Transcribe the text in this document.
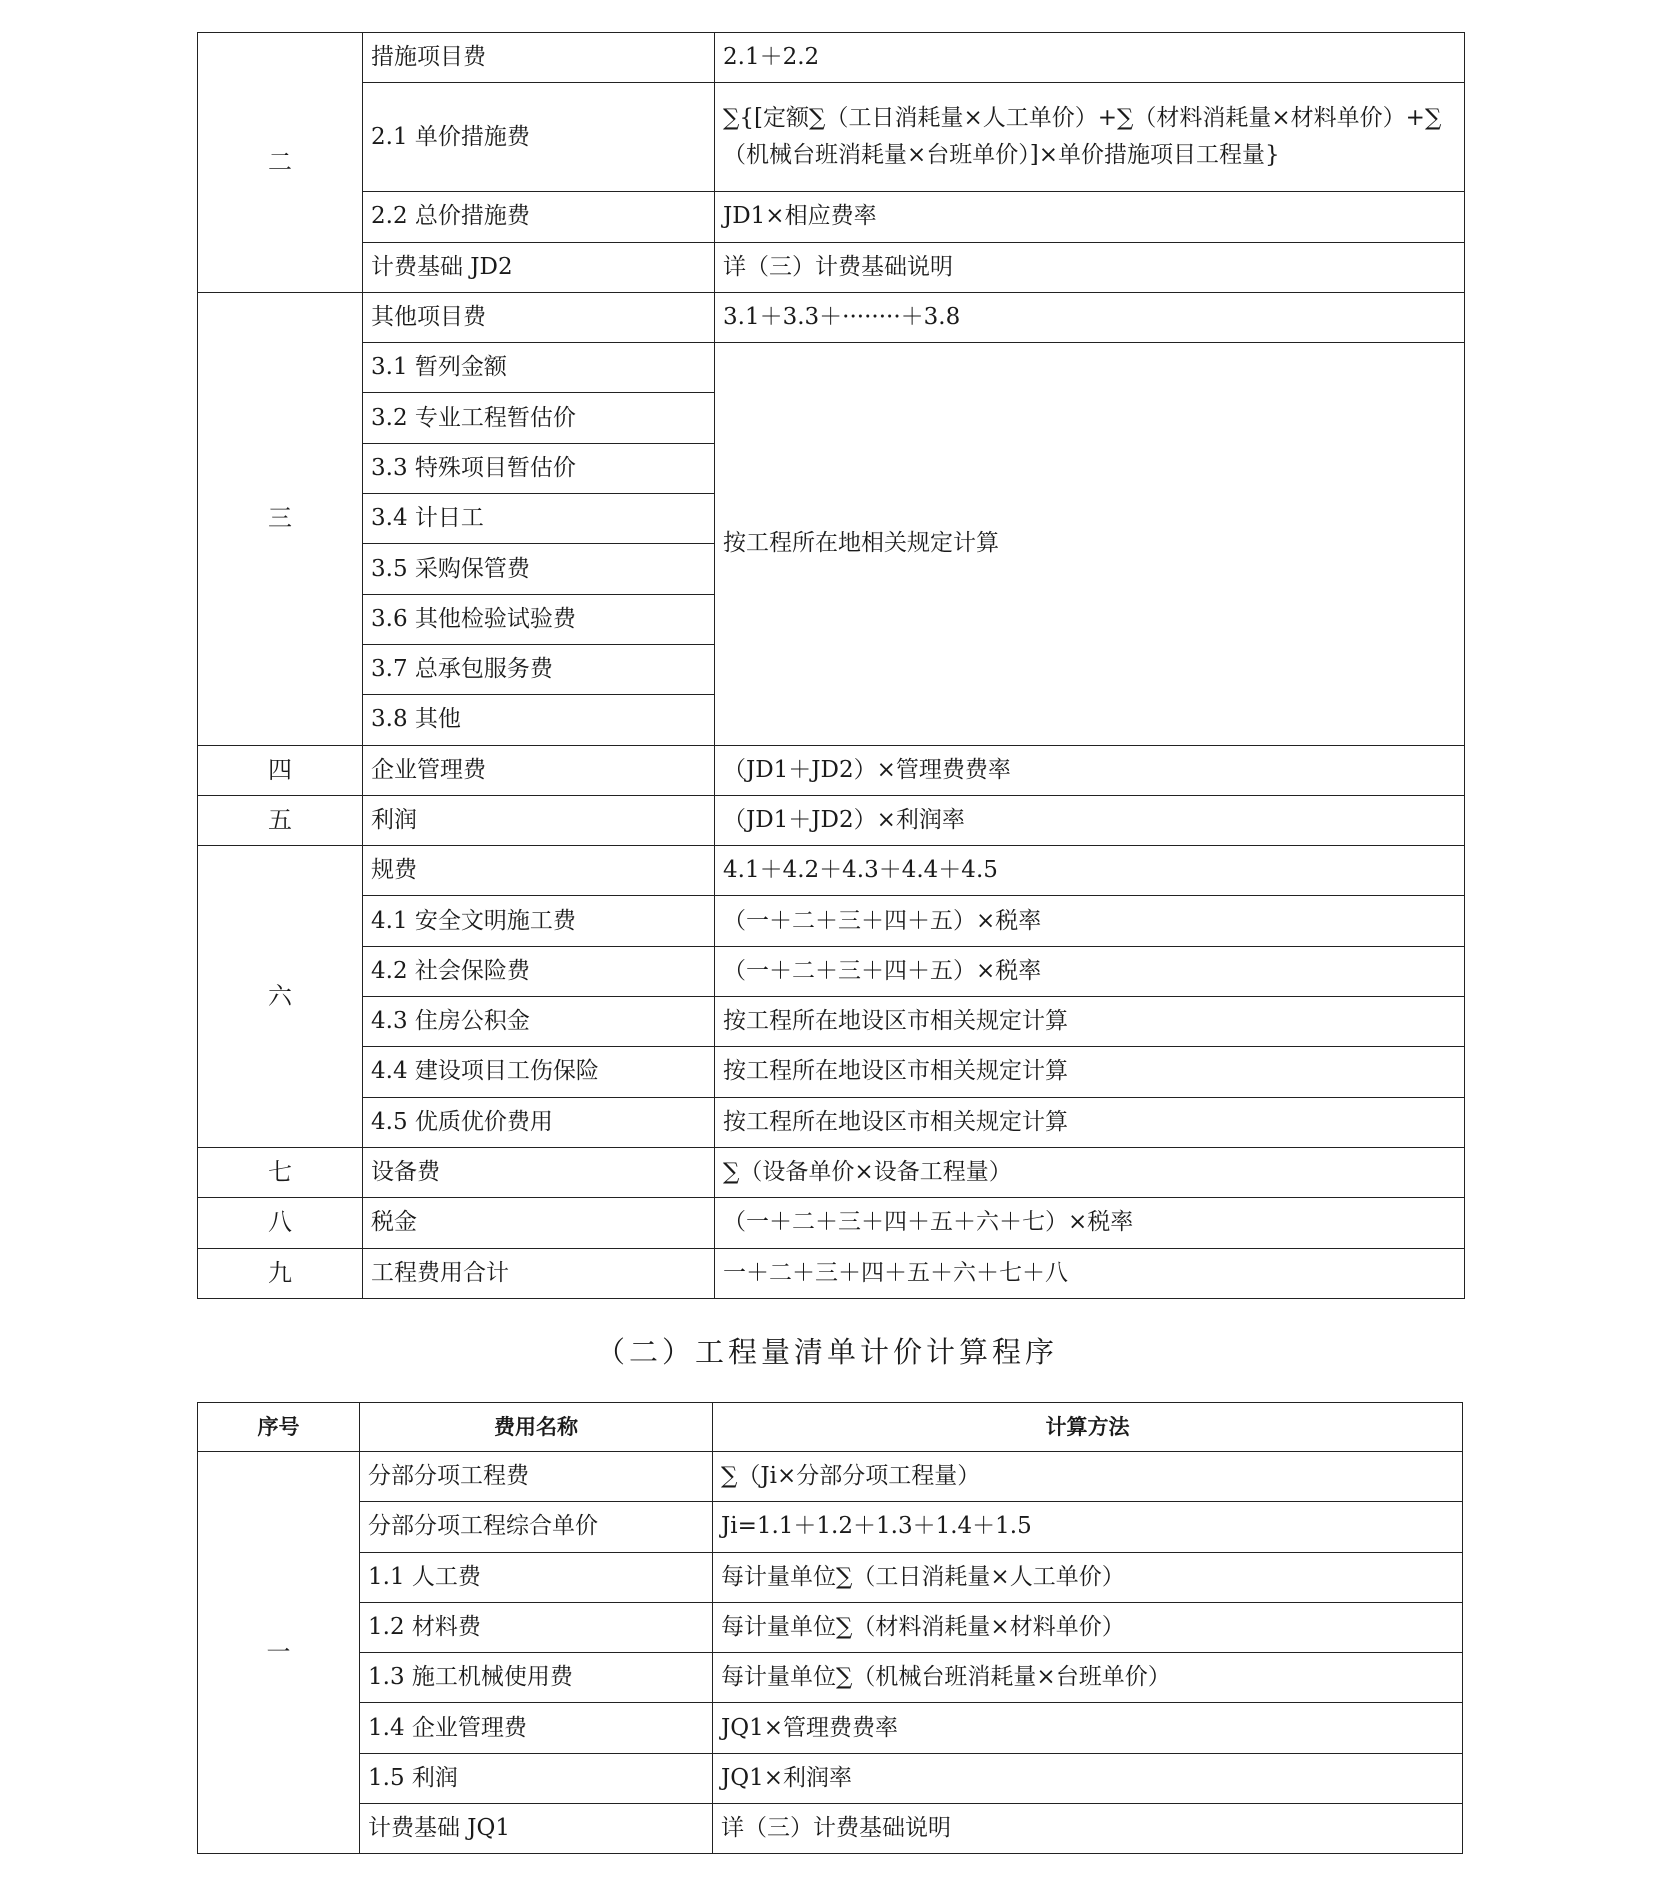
二	措施项目费	2.1＋2.2
	2.1 单价措施费	∑{[定额∑（工日消耗量×人工单价）+∑（材料消耗量×材料单价）+∑（机械台班消耗量×台班单价）]×单价措施项目工程量}
	2.2 总价措施费	JD1×相应费率
	计费基础 JD2	详（三）计费基础说明
三	其他项目费	3.1＋3.3＋········＋3.8
	3.1 暂列金额	按工程所在地相关规定计算
	3.2 专业工程暂估价	
	3.3 特殊项目暂估价	
	3.4 计日工	
	3.5 采购保管费	
	3.6 其他检验试验费	
	3.7 总承包服务费	
	3.8 其他	
四	企业管理费	（JD1＋JD2）×管理费费率
五	利润	（JD1＋JD2）×利润率
六	规费	4.1＋4.2＋4.3＋4.4＋4.5
	4.1 安全文明施工费	（一＋二＋三＋四＋五）×税率
	4.2 社会保险费	（一＋二＋三＋四＋五）×税率
	4.3 住房公积金	按工程所在地设区市相关规定计算
	4.4 建设项目工伤保险	按工程所在地设区市相关规定计算
	4.5 优质优价费用	按工程所在地设区市相关规定计算
七	设备费	∑（设备单价×设备工程量）
八	税金	（一＋二＋三＋四＋五＋六＋七）×税率
九	工程费用合计	一＋二＋三＋四＋五＋六＋七＋八
（二）工程量清单计价计算程序
序号	费用名称	计算方法
一	分部分项工程费	∑（Ji×分部分项工程量）
	分部分项工程综合单价	Ji=1.1＋1.2＋1.3＋1.4＋1.5
	1.1 人工费	每计量单位∑（工日消耗量×人工单价）
	1.2 材料费	每计量单位∑（材料消耗量×材料单价）
	1.3 施工机械使用费	每计量单位∑（机械台班消耗量×台班单价）
	1.4 企业管理费	JQ1×管理费费率
	1.5 利润	JQ1×利润率
	计费基础 JQ1	详（三）计费基础说明
